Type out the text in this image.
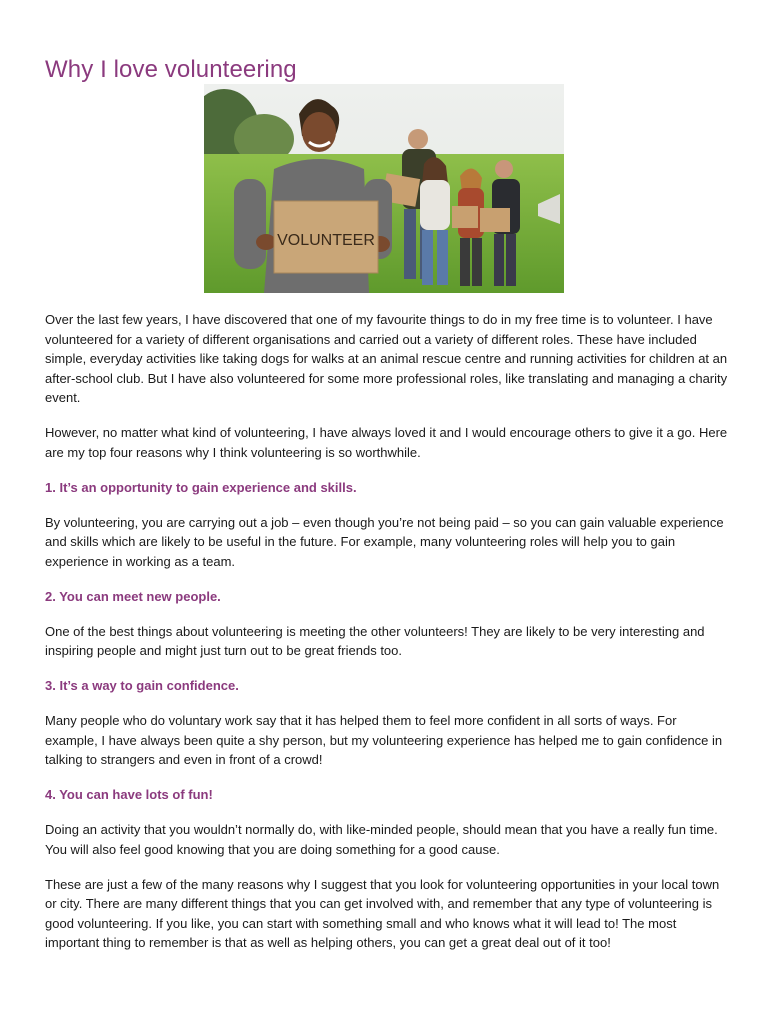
Why I love volunteering
VOLUNTEER

Over the last few years, I have discovered that one of my favourite things to do in my free time is to volunteer. I have volunteered for a variety of different organisations and carried out a variety of different roles. These have included simple, everyday activities like taking dogs for walks at an animal rescue centre and running activities for children at an after-school club. But I have also volunteered for some more professional roles, like translating and managing a charity event.

However, no matter what kind of volunteering, I have always loved it and I would encourage others to give it a go. Here are my top four reasons why I think volunteering is so worthwhile.

1. It’s an opportunity to gain experience and skills.

By volunteering, you are carrying out a job – even though you’re not being paid – so you can gain valuable experience and skills which are likely to be useful in the future. For example, many volunteering roles will help you to gain experience in working as a team.

2. You can meet new people.

One of the best things about volunteering is meeting the other volunteers! They are likely to be very interesting and inspiring people and might just turn out to be great friends too.

3. It’s a way to gain confidence.

Many people who do voluntary work say that it has helped them to feel more confident in all sorts of ways. For example, I have always been quite a shy person, but my volunteering experience has helped me to gain confidence in talking to strangers and even in front of a crowd!

4. You can have lots of fun!

Doing an activity that you wouldn’t normally do, with like-minded people, should mean that you have a really fun time. You will also feel good knowing that you are doing something for a good cause.

These are just a few of the many reasons why I suggest that you look for volunteering opportunities in your local town or city. There are many different things that you can get involved with, and remember that any type of volunteering is good volunteering. If you like, you can start with something small and who knows what it will lead to! The most important thing to remember is that as well as helping others, you can get a great deal out of it too!
